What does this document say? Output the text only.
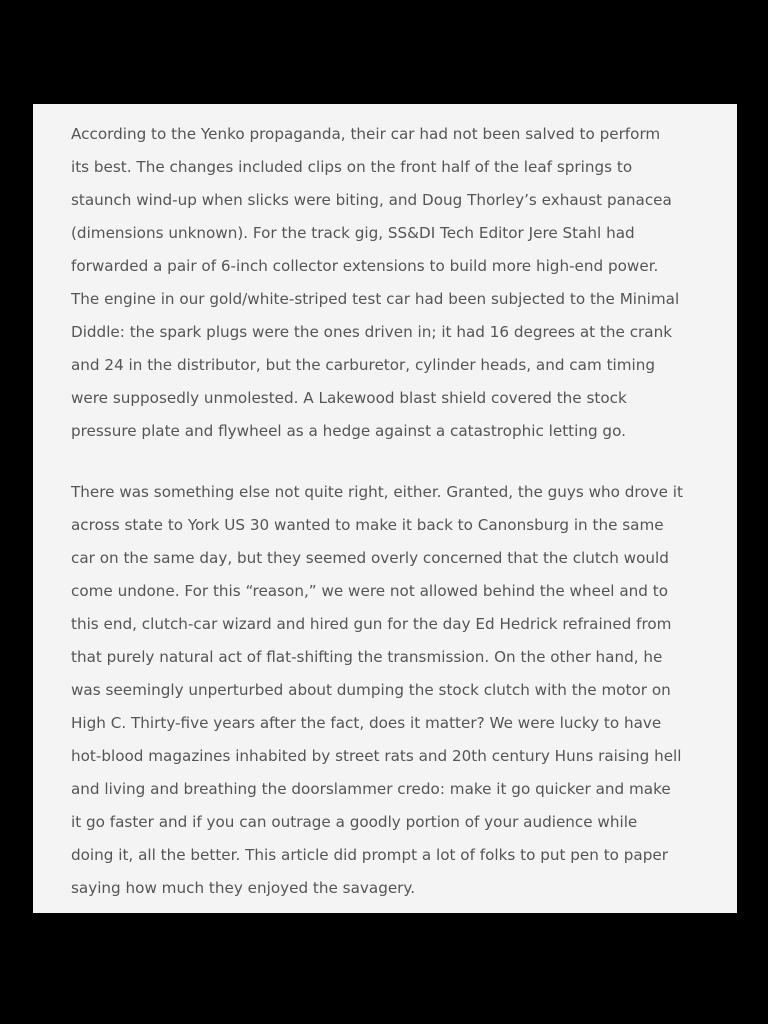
According to the Yenko propaganda, their car had not been salved to perform
its best. The changes included clips on the front half of the leaf springs to
staunch wind-up when slicks were biting, and Doug Thorley’s exhaust panacea
(dimensions unknown). For the track gig, SS&DI Tech Editor Jere Stahl had
forwarded a pair of 6-inch collector extensions to build more high-end power.
The engine in our gold/white-striped test car had been subjected to the Minimal
Diddle: the spark plugs were the ones driven in; it had 16 degrees at the crank
and 24 in the distributor, but the carburetor, cylinder heads, and cam timing
were supposedly unmolested. A Lakewood blast shield covered the stock
pressure plate and flywheel as a hedge against a catastrophic letting go.

There was something else not quite right, either. Granted, the guys who drove it
across state to York US 30 wanted to make it back to Canonsburg in the same
car on the same day, but they seemed overly concerned that the clutch would
come undone. For this “reason,” we were not allowed behind the wheel and to
this end, clutch-car wizard and hired gun for the day Ed Hedrick refrained from
that purely natural act of flat-shifting the transmission. On the other hand, he
was seemingly unperturbed about dumping the stock clutch with the motor on
High C. Thirty-five years after the fact, does it matter? We were lucky to have
hot-blood magazines inhabited by street rats and 20th century Huns raising hell
and living and breathing the doorslammer credo: make it go quicker and make
it go faster and if you can outrage a goodly portion of your audience while
doing it, all the better. This article did prompt a lot of folks to put pen to paper
saying how much they enjoyed the savagery.
